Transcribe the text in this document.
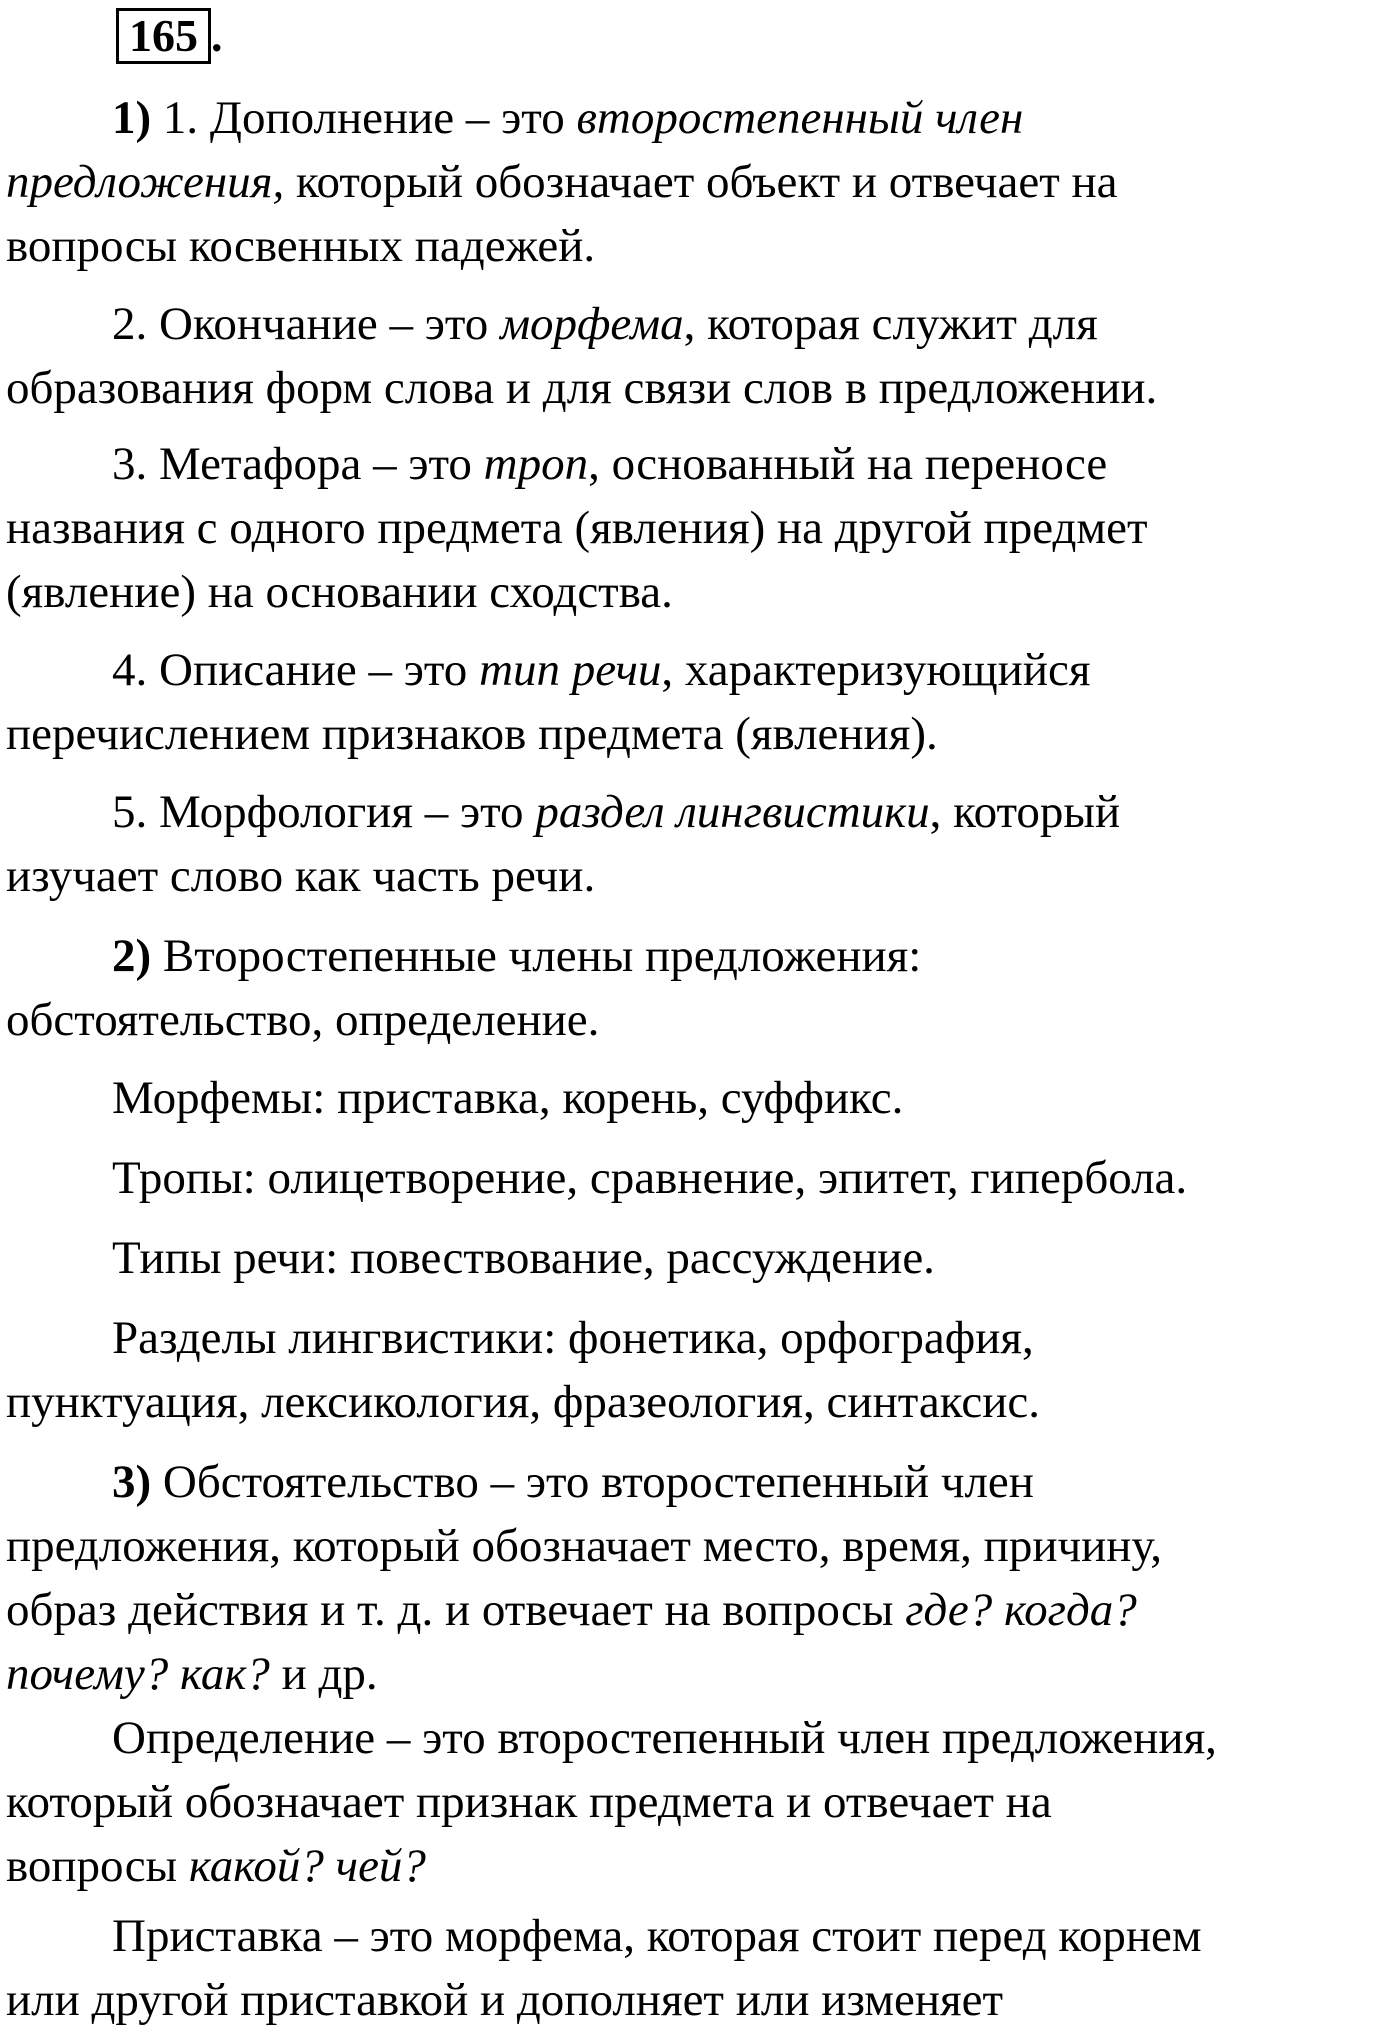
165 .
1) 1. Дополнение – это второстепенный член
предложения, который обозначает объект и отвечает на
вопросы косвенных падежей.
2. Окончание – это морфема, которая служит для
образования форм слова и для связи слов в предложении.
3. Метафора – это троп, основанный на переносе
названия с одного предмета (явления) на другой предмет
(явление) на основании сходства.
4. Описание – это тип речи, характеризующийся
перечислением признаков предмета (явления).
5. Морфология – это раздел лингвистики, который
изучает слово как часть речи.
2) Второстепенные члены предложения:
обстоятельство, определение.
Морфемы: приставка, корень, суффикс.
Тропы: олицетворение, сравнение, эпитет, гипербола.
Типы речи: повествование, рассуждение.
Разделы лингвистики: фонетика, орфография,
пунктуация, лексикология, фразеология, синтаксис.
3) Обстоятельство – это второстепенный член
предложения, который обозначает место, время, причину,
образ действия и т. д. и отвечает на вопросы где? когда?
почему? как? и др.
Определение – это второстепенный член предложения,
который обозначает признак предмета и отвечает на
вопросы какой? чей?
Приставка – это морфема, которая стоит перед корнем
или другой приставкой и дополняет или изменяет
